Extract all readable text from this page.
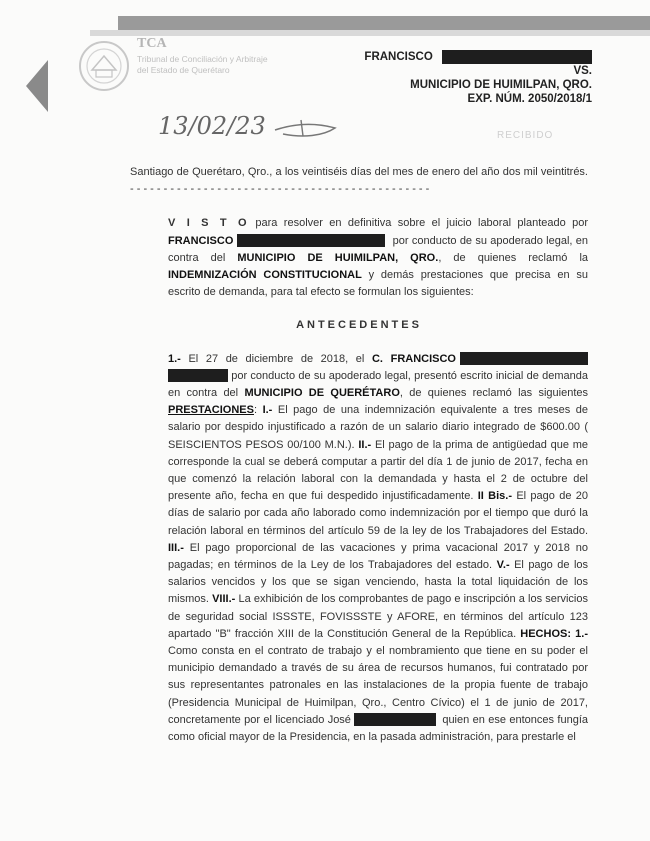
TCA
Tribunal de Conciliación y Arbitraje
del Estado de Querétaro
FRANCISCO
VS.
MUNICIPIO DE HUIMILPAN, QRO.
EXP. NÚM. 2050/2018/1
13/02/23	RECIBIDO

Santiago de Querétaro, Qro., a los veintiséis días del mes de enero del año dos mil veintitrés. - - - - - - - - - - - - - - - - - - - - - - - - - - - - - - - - - - - - - - - - - - - - -

V I S T O para resolver en definitiva sobre el juicio laboral planteado por FRANCISCO	por conducto de su apoderado legal, en contra del MUNICIPIO DE HUIMILPAN, QRO., de quienes reclamó la INDEMNIZACIÓN CONSTITUCIONAL y demás prestaciones que precisa en su escrito de demanda, para tal efecto se formulan los siguientes:

ANTECEDENTES

1.- El 27 de diciembre de 2018, el C. FRANCISCO  por conducto de su apoderado legal, presentó escrito inicial de demanda en contra del MUNICIPIO DE QUERÉTARO, de quienes reclamó las siguientes PRESTACIONES: I.- El pago de una indemnización equivalente a tres meses de salario por despido injustificado a razón de un salario diario integrado de $600.00 ( SEISCIENTOS PESOS 00/100 M.N.). II.- El pago de la prima de antigüedad que me corresponde la cual se deberá computar a partir del día 1 de junio de 2017, fecha en que comenzó la relación laboral con la demandada y hasta el 2 de octubre del presente año, fecha en que fui despedido injustificadamente. II Bis.- El pago de 20 días de salario por cada año laborado como indemnización por el tiempo que duró la relación laboral en términos del artículo 59 de la ley de los Trabajadores del Estado. III.- El pago proporcional de las vacaciones y prima vacacional 2017 y 2018 no pagadas; en términos de la Ley de los Trabajadores del estado. V.- El pago de los salarios vencidos y los que se sigan venciendo, hasta la total liquidación de los mismos. VIII.- La exhibición de los comprobantes de pago e inscripción a los servicios de seguridad social ISSSTE, FOVISSSTE y AFORE, en términos del artículo 123 apartado "B" fracción XIII de la Constitución General de la República. HECHOS: 1.- Como consta en el contrato de trabajo y el nombramiento que tiene en su poder el municipio demandado a través de su área de recursos humanos, fui contratado por sus representantes patronales en las instalaciones de la propia fuente de trabajo (Presidencia Municipal de Huimilpan, Qro., Centro Cívico) el 1 de junio de 2017, concretamente por el licenciado José	quien en ese entonces fungía como oficial mayor de la Presidencia, en la pasada administración, para prestarle el
